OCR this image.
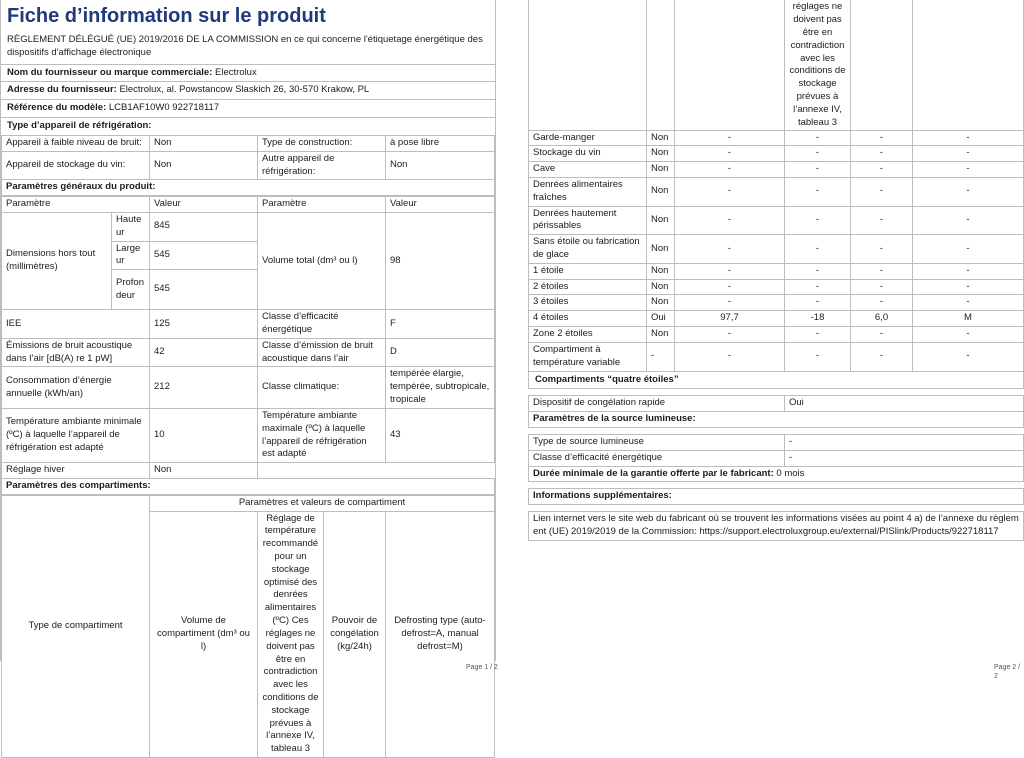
Fiche d’information sur le produit
RÈGLEMENT DÉLÉGUÉ (UE) 2019/2016 DE LA COMMISSION en ce qui concerne l'étiquetage énergétique des dispositifs d'affichage électronique
Nom du fournisseur ou marque commerciale: Electrolux
Adresse du fournisseur: Electrolux, al. Powstancow Slaskich 26, 30-570 Krakow, PL
Référence du modèle: LCB1AF10W0 922718117
Type d’appareil de réfrigération:
Appareil à faible niveau de bruit:	Non	Type de construction:	à pose libre
Appareil de stockage du vin:	Non	Autre appareil de réfrigération:	Non
Paramètres généraux du produit:			
Paramètre		Valeur	Paramètre	Valeur
Dimensions hors tout (millimètres)	Hauteur	845	Volume total (dm³ ou l)	98
	Largeur	545		
	Profondeur	545		
IEE		125	Classe d’efficacité énergétique	F
Émissions de bruit acoustique dans l’air [dB(A) re 1 pW]		42	Classe d’émission de bruit acoustique dans l’air	D
Consommation d’énergie annuelle (kWh/an)		212	Classe climatique:	tempérée élargie, tempérée, subtropicale, tropicale
Température ambiante minimale (ºC) à laquelle l’appareil de réfrigération est adapté		10	Température ambiante maximale (ºC) à laquelle l’appareil de réfrigération est adapté	43
Réglage hiver		Non		
Paramètres des compartiments:				
Type de compartiment	Paramètres et valeurs de compartiment			
	Volume de compartiment (dm³ ou l)	Réglage de température recommandé pour un stockage optimisé des denrées alimentaires (ºC) Ces réglages ne doivent pas être en contradiction avec les conditions de stockage prévues à l’annexe IV, tableau 3	Pouvoir de congélation (kg/24h)	Defrosting type (auto-defrost=A, manual defrost=M)
Page 1 / 2

			réglages ne doivent pas être en contradiction avec les conditions de stockage prévues à l’annexe IV, tableau 3		

Garde-manger	Non	-	-	-	-
Stockage du vin	Non	-	-	-	-
Cave	Non	-	-	-	-
Denrées alimentaires fraîches	Non	-	-	-	-
Denrées hautement périssables	Non	-	-	-	-
Sans étoile ou fabrication de glace	Non	-	-	-	-
1 étoile	Non	-	-	-	-
2 étoiles	Non	-	-	-	-
3 étoiles	Non	-	-	-	-
4 étoiles	Oui	97,7	-18	6,0	M
Zone 2 étoiles	Non	-	-	-	-
Compartiment à température variable	-	-	-	-	-
Compartiments “quatre étoiles”
Dispositif de congélation rapide	Oui
Paramètres de la source lumineuse:
Type de source lumineuse	-
Classe d’efficacité énergétique	-
Durée minimale de la garantie offerte par le fabricant: 0 mois	
Informations supplémentaires:
Lien internet vers le site web du fabricant où se trouvent les informations visées au point 4 a) de l’annexe du règlement (UE) 2019/2019 de la Commission: https://support.electroluxgroup.eu/external/PISlink/Products/922718117
Page 2 / 2
